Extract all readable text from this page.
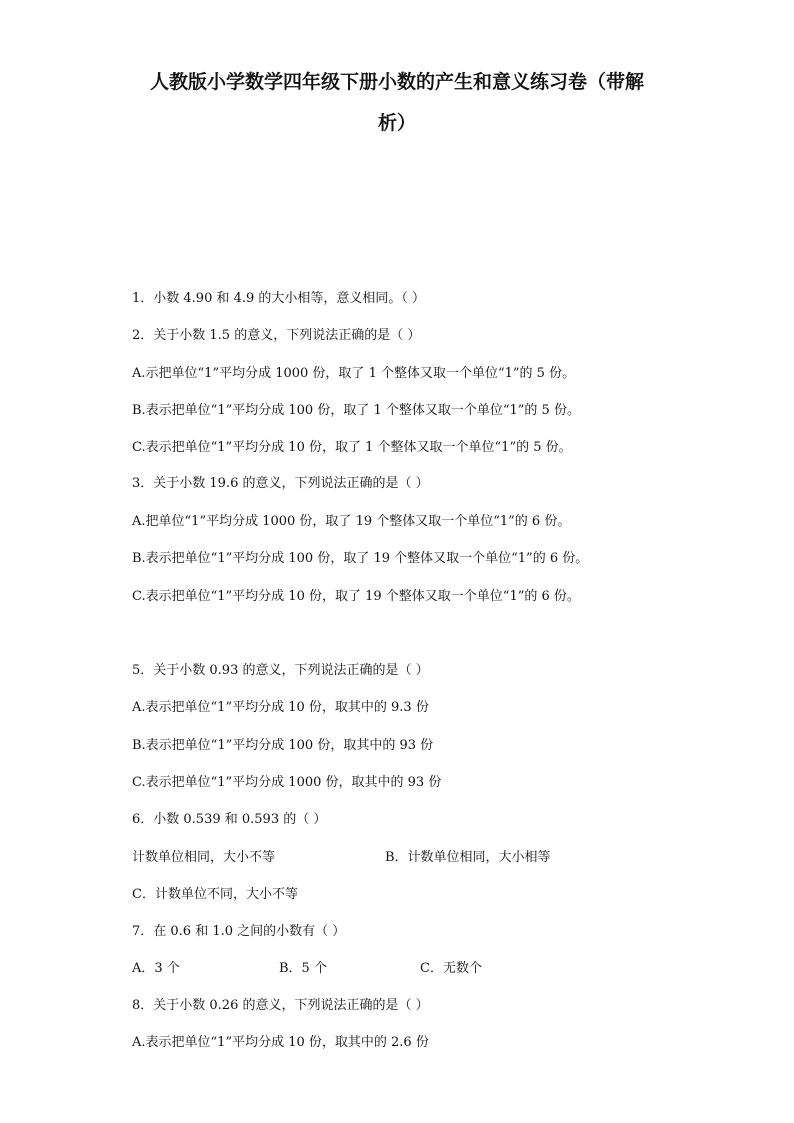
人教版小学数学四年级下册小数的产生和意义练习卷（带解
析）
1．小数 4.90 和 4.9 的大小相等，意义相同。（ ）
2．关于小数 1.5 的意义，下列说法正确的是（ ）
A.示把单位“1”平均分成 1000 份，取了 1 个整体又取一个单位“1”的 5 份。
B.表示把单位“1”平均分成 100 份，取了 1 个整体又取一个单位“1”的 5 份。
C.表示把单位“1”平均分成 10 份，取了 1 个整体又取一个单位“1”的 5 份。
3．关于小数 19.6 的意义，下列说法正确的是（ ）
A.把单位“1”平均分成 1000 份，取了 19 个整体又取一个单位“1”的 6 份。
B.表示把单位“1”平均分成 100 份，取了 19 个整体又取一个单位“1”的 6 份。
C.表示把单位“1”平均分成 10 份，取了 19 个整体又取一个单位“1”的 6 份。
5．关于小数 0.93 的意义，下列说法正确的是（ ）
A.表示把单位“1”平均分成 10 份，取其中的 9.3 份
B.表示把单位“1”平均分成 100 份，取其中的 93 份
C.表示把单位“1”平均分成 1000 份，取其中的 93 份
6．小数 0.539 和 0.593 的（ ）
计数单位相同，大小不等	B．计数单位相同，大小相等
C．计数单位不同，大小不等
7．在 0.6 和 1.0 之间的小数有（ ）
A．3 个	B．5 个	C．无数个
8．关于小数 0.26 的意义，下列说法正确的是（ ）
A.表示把单位“1”平均分成 10 份，取其中的 2.6 份
